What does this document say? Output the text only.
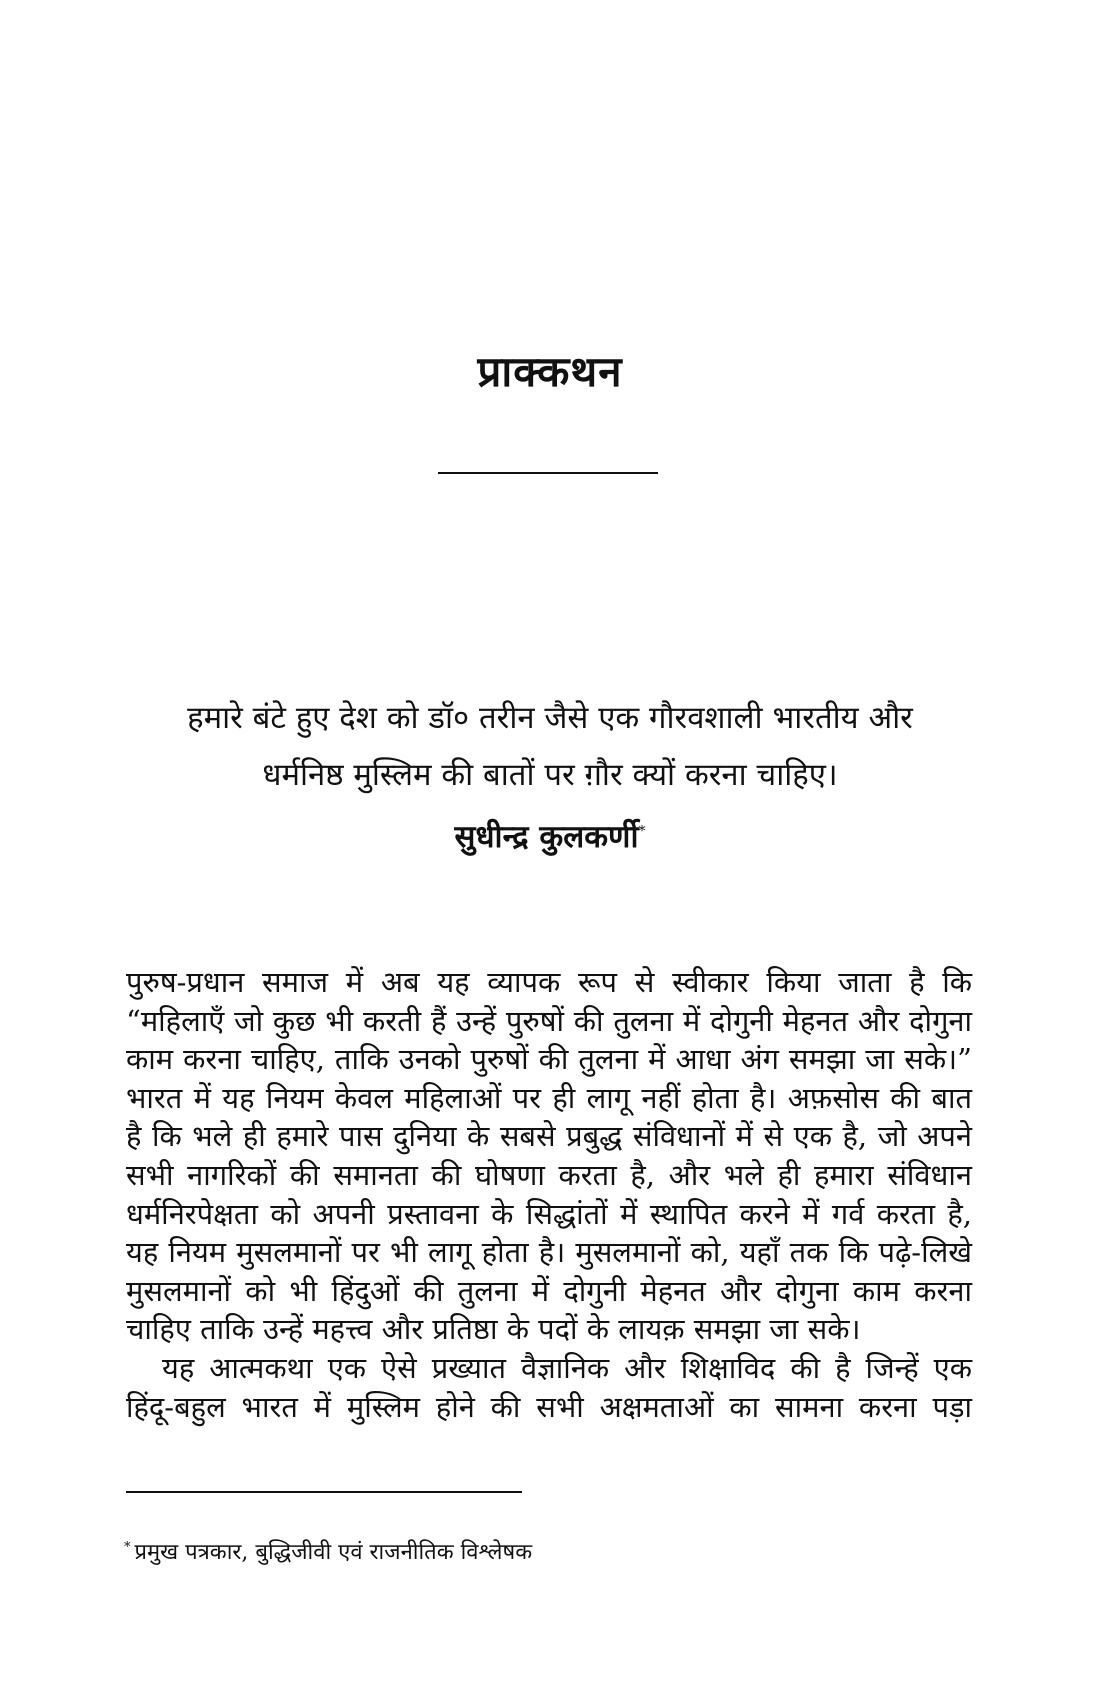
प्राक्कथन
हमारे बंटे हुए देश को डॉ० तरीन जैसे एक गौरवशाली भारतीय और
धर्मनिष्ठ मुस्लिम की बातों पर ग़ौर क्यों करना चाहिए।
सुधीन्द्र कुलकर्णी*
पुरुष-प्रधान समाज में अब यह व्यापक रूप से स्वीकार किया जाता है कि
“महिलाएँ जो कुछ भी करती हैं उन्हें पुरुषों की तुलना में दोगुनी मेहनत और दोगुना
काम करना चाहिए, ताकि उनको पुरुषों की तुलना में आधा अंग समझा जा सके।”
भारत में यह नियम केवल महिलाओं पर ही लागू नहीं होता है। अफ़सोस की बात
है कि भले ही हमारे पास दुनिया के सबसे प्रबुद्ध संविधानों में से एक है, जो अपने
सभी नागरिकों की समानता की घोषणा करता है, और भले ही हमारा संविधान
धर्मनिरपेक्षता को अपनी प्रस्तावना के सिद्धांतों में स्थापित करने में गर्व करता है,
यह नियम मुसलमानों पर भी लागू होता है। मुसलमानों को, यहाँ तक कि पढ़े-लिखे
मुसलमानों को भी हिंदुओं की तुलना में दोगुनी मेहनत और दोगुना काम करना
चाहिए ताकि उन्हें महत्त्व और प्रतिष्ठा के पदों के लायक़ समझा जा सके।
यह आत्मकथा एक ऐसे प्रख्यात वैज्ञानिक और शिक्षाविद की है जिन्हें एक
हिंदू-बहुल भारत में मुस्लिम होने की सभी अक्षमताओं का सामना करना पड़ा
* प्रमुख पत्रकार, बुद्धिजीवी एवं राजनीतिक विश्लेषक
